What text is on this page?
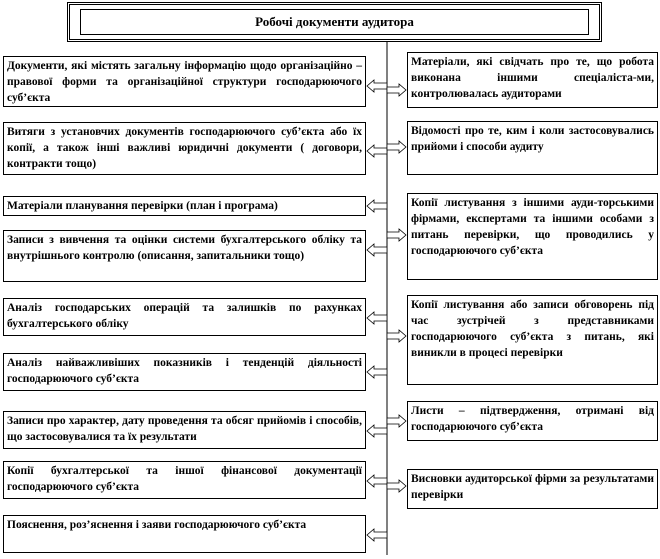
Робочі документи аудитора
Документи, які містять загальну інформацію щодо організаційно – правової форми та організаційної структури господарюючого суб’єкта
Витяги з установчих документів господарюючого суб’єкта або їх копії, а також інші важливі юридичні документи ( договори, контракти тощо)
Матеріали планування перевірки (план і програма)
Записи з вивчення та оцінки системи бухгалтерського обліку та внутрішнього контролю (описання, запитальники тощо)
Аналіз господарських операцій та залишків по рахунках бухгалтерського обліку
Аналіз найважливіших показників і тенденцій діяльності господарюючого суб’єкта
Записи про характер, дату проведення та обсяг прийомів і способів, що застосовувалися та їх результати
Копії бухгалтерської та іншої фінансової документації господарюючого суб’єкта
Пояснення, роз’яснення і заяви господарюючого суб’єкта
Матеріали, які свідчать про те, що робота виконана іншими спеціаліста-ми, контролювалась аудиторами
Відомості про те, ким і коли застосовувались прийоми і способи аудиту
Копії листування з іншими ауди-торськими фірмами, експертами та іншими особами з питань перевірки, що проводились у господарюючого суб’єкта
Копії листування або записи обговорень під час зустрічей з представниками господарюючого суб’єкта з питань, які виникли в процесі перевірки
Листи – підтвердження, отримані від господарюючого суб’єкта
Висновки аудиторської фірми за результатами перевірки
